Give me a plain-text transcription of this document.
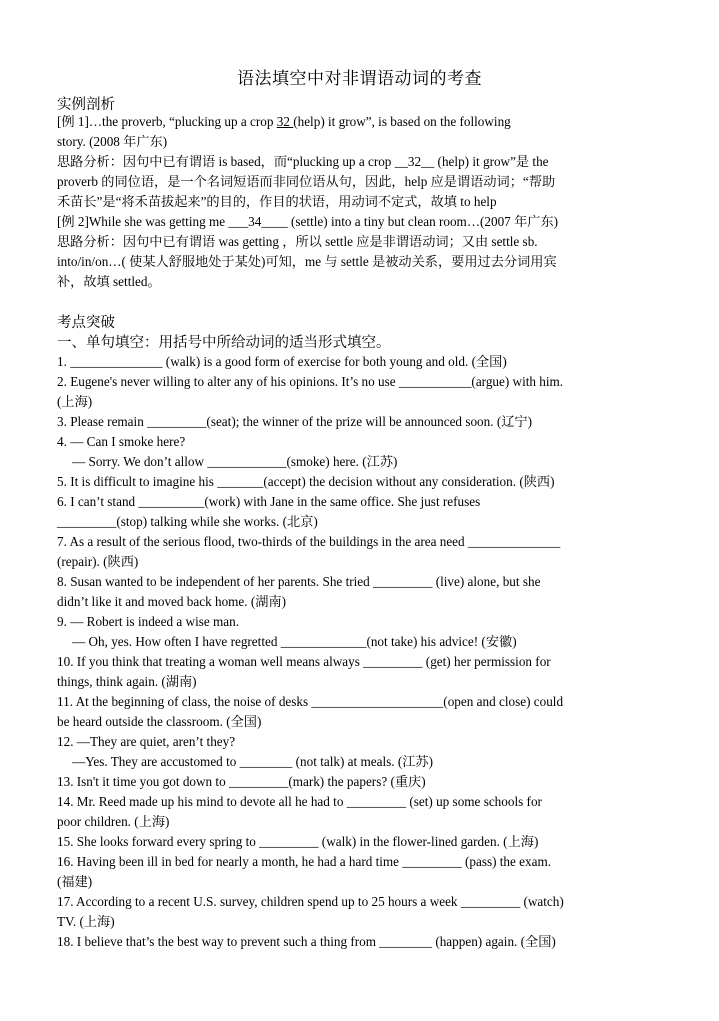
语法填空中对非谓语动词的考查
实例剖析
[例 1]…the proverb, “plucking up a crop 32 (help) it grow”, is based on the following
story. (2008 年广东)
思路分析：因句中已有谓语 is based，而“plucking up a crop __32__ (help) it grow”是 the
proverb 的同位语，是一个名词短语而非同位语从句，因此，help 应是谓语动词；“帮助
禾苗长”是“将禾苗拔起来”的目的，作目的状语，用动词不定式，故填 to help
[例 2]While she was getting me ___34____ (settle) into a tiny but clean room…(2007 年广东)
思路分析：因句中已有谓语 was getting ，所以 settle 应是非谓语动词；又由 settle sb.
into/in/on…( 使某人舒服地处于某处)可知，me 与 settle 是被动关系，要用过去分词用宾
补，故填 settled。
考点突破
一、单句填空：用括号中所给动词的适当形式填空。
1. ______________ (walk) is a good form of exercise for both young and old. (全国)
2. Eugene's never willing to alter any of his opinions. It’s no use ___________(argue) with him.
(上海)
3. Please remain _________(seat); the winner of the prize will be announced soon. (辽宁)
4. — Can I smoke here?
— Sorry. We don’t allow ____________(smoke) here. (江苏)
5. It is difficult to imagine his _______(accept) the decision without any consideration. (陕西)
6. I can’t stand __________(work) with Jane in the same office. She just refuses
_________(stop) talking while she works. (北京)
7. As a result of the serious flood, two-thirds of the buildings in the area need ______________
(repair). (陕西)
8. Susan wanted to be independent of her parents. She tried _________ (live) alone, but she
didn’t like it and moved back home. (湖南)
9. — Robert is indeed a wise man.
— Oh, yes. How often I have regretted _____________(not take) his advice! (安徽)
10. If you think that treating a woman well means always _________ (get) her permission for
things, think again. (湖南)
11. At the beginning of class, the noise of desks ____________________(open and close) could
be heard outside the classroom. (全国)
12. —They are quiet, aren’t they?
—Yes. They are accustomed to ________ (not talk) at meals. (江苏)
13. Isn't it time you got down to _________(mark) the papers? (重庆)
14. Mr. Reed made up his mind to devote all he had to _________ (set) up some schools for
poor children. (上海)
15. She looks forward every spring to _________ (walk) in the flower-lined garden. (上海)
16. Having been ill in bed for nearly a month, he had a hard time _________ (pass) the exam.
(福建)
17. According to a recent U.S. survey, children spend up to 25 hours a week _________ (watch)
TV. (上海)
18. I believe that’s the best way to prevent such a thing from ________ (happen) again. (全国)
